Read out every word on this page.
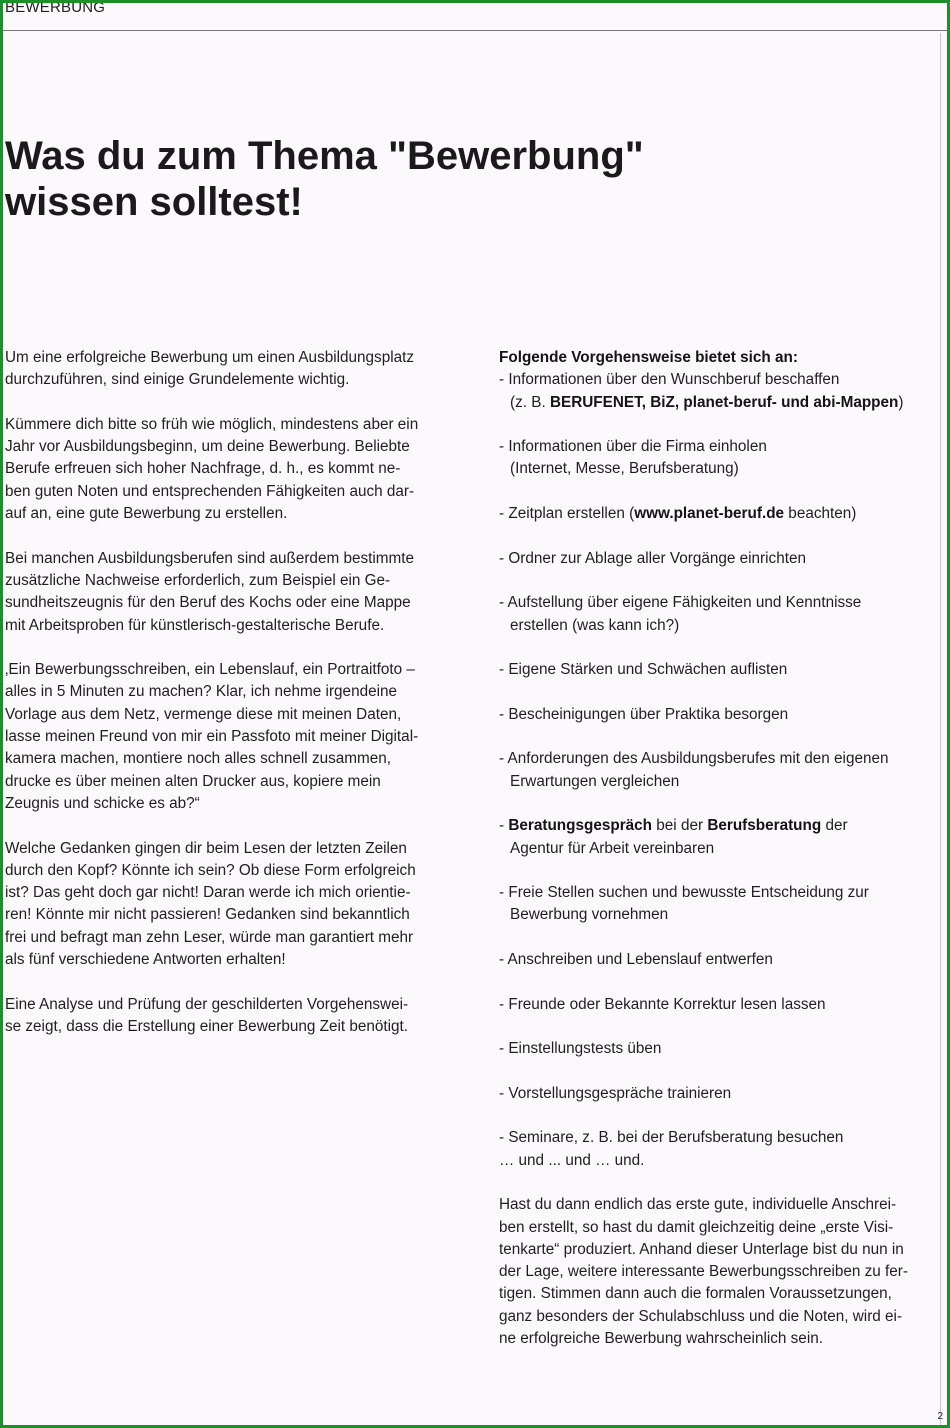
BEWERBUNG
Was du zum Thema "Bewerbung"
wissen solltest!
Um eine erfolgreiche Bewerbung um einen Ausbildungsplatz
durchzuführen, sind einige Grundelemente wichtig.
Kümmere dich bitte so früh wie möglich, mindestens aber ein
Jahr vor Ausbildungsbeginn, um deine Bewerbung. Beliebte
Berufe erfreuen sich hoher Nachfrage, d. h., es kommt ne-
ben guten Noten und entsprechenden Fähigkeiten auch dar-
auf an, eine gute Bewerbung zu erstellen.
Bei manchen Ausbildungsberufen sind außerdem bestimmte
zusätzliche Nachweise erforderlich, zum Beispiel ein Ge-
sundheitszeugnis für den Beruf des Kochs oder eine Mappe
mit Arbeitsproben für künstlerisch-gestalterische Berufe.
‚Ein Bewerbungsschreiben, ein Lebenslauf, ein Portraitfoto –
alles in 5 Minuten zu machen? Klar, ich nehme irgendeine
Vorlage aus dem Netz, vermenge diese mit meinen Daten,
lasse meinen Freund von mir ein Passfoto mit meiner Digital-
kamera machen, montiere noch alles schnell zusammen,
drucke es über meinen alten Drucker aus, kopiere mein
Zeugnis und schicke es ab?“
Welche Gedanken gingen dir beim Lesen der letzten Zeilen
durch den Kopf? Könnte ich sein? Ob diese Form erfolgreich
ist? Das geht doch gar nicht! Daran werde ich mich orientie-
ren! Könnte mir nicht passieren! Gedanken sind bekanntlich
frei und befragt man zehn Leser, würde man garantiert mehr
als fünf verschiedene Antworten erhalten!
Eine Analyse und Prüfung der geschilderten Vorgehenswei-
se zeigt, dass die Erstellung einer Bewerbung Zeit benötigt.
Folgende Vorgehensweise bietet sich an:
- Informationen über den Wunschberuf beschaffen
(z. B. BERUFENET, BiZ, planet-beruf- und abi-Mappen)
- Informationen über die Firma einholen
(Internet, Messe, Berufsberatung)
- Zeitplan erstellen (www.planet-beruf.de beachten)
- Ordner zur Ablage aller Vorgänge einrichten
- Aufstellung über eigene Fähigkeiten und Kenntnisse
erstellen (was kann ich?)
- Eigene Stärken und Schwächen auflisten
- Bescheinigungen über Praktika besorgen
- Anforderungen des Ausbildungsberufes mit den eigenen
Erwartungen vergleichen
- Beratungsgespräch bei der Berufsberatung der
Agentur für Arbeit vereinbaren
- Freie Stellen suchen und bewusste Entscheidung zur
Bewerbung vornehmen
- Anschreiben und Lebenslauf entwerfen
- Freunde oder Bekannte Korrektur lesen lassen
- Einstellungstests üben
- Vorstellungsgespräche trainieren
- Seminare, z. B. bei der Berufsberatung besuchen
… und ... und … und.
Hast du dann endlich das erste gute, individuelle Anschrei-
ben erstellt, so hast du damit gleichzeitig deine „erste Visi-
tenkarte“ produziert. Anhand dieser Unterlage bist du nun in
der Lage, weitere interessante Bewerbungsschreiben zu fer-
tigen. Stimmen dann auch die formalen Voraussetzungen,
ganz besonders der Schulabschluss und die Noten, wird ei-
ne erfolgreiche Bewerbung wahrscheinlich sein.
2
